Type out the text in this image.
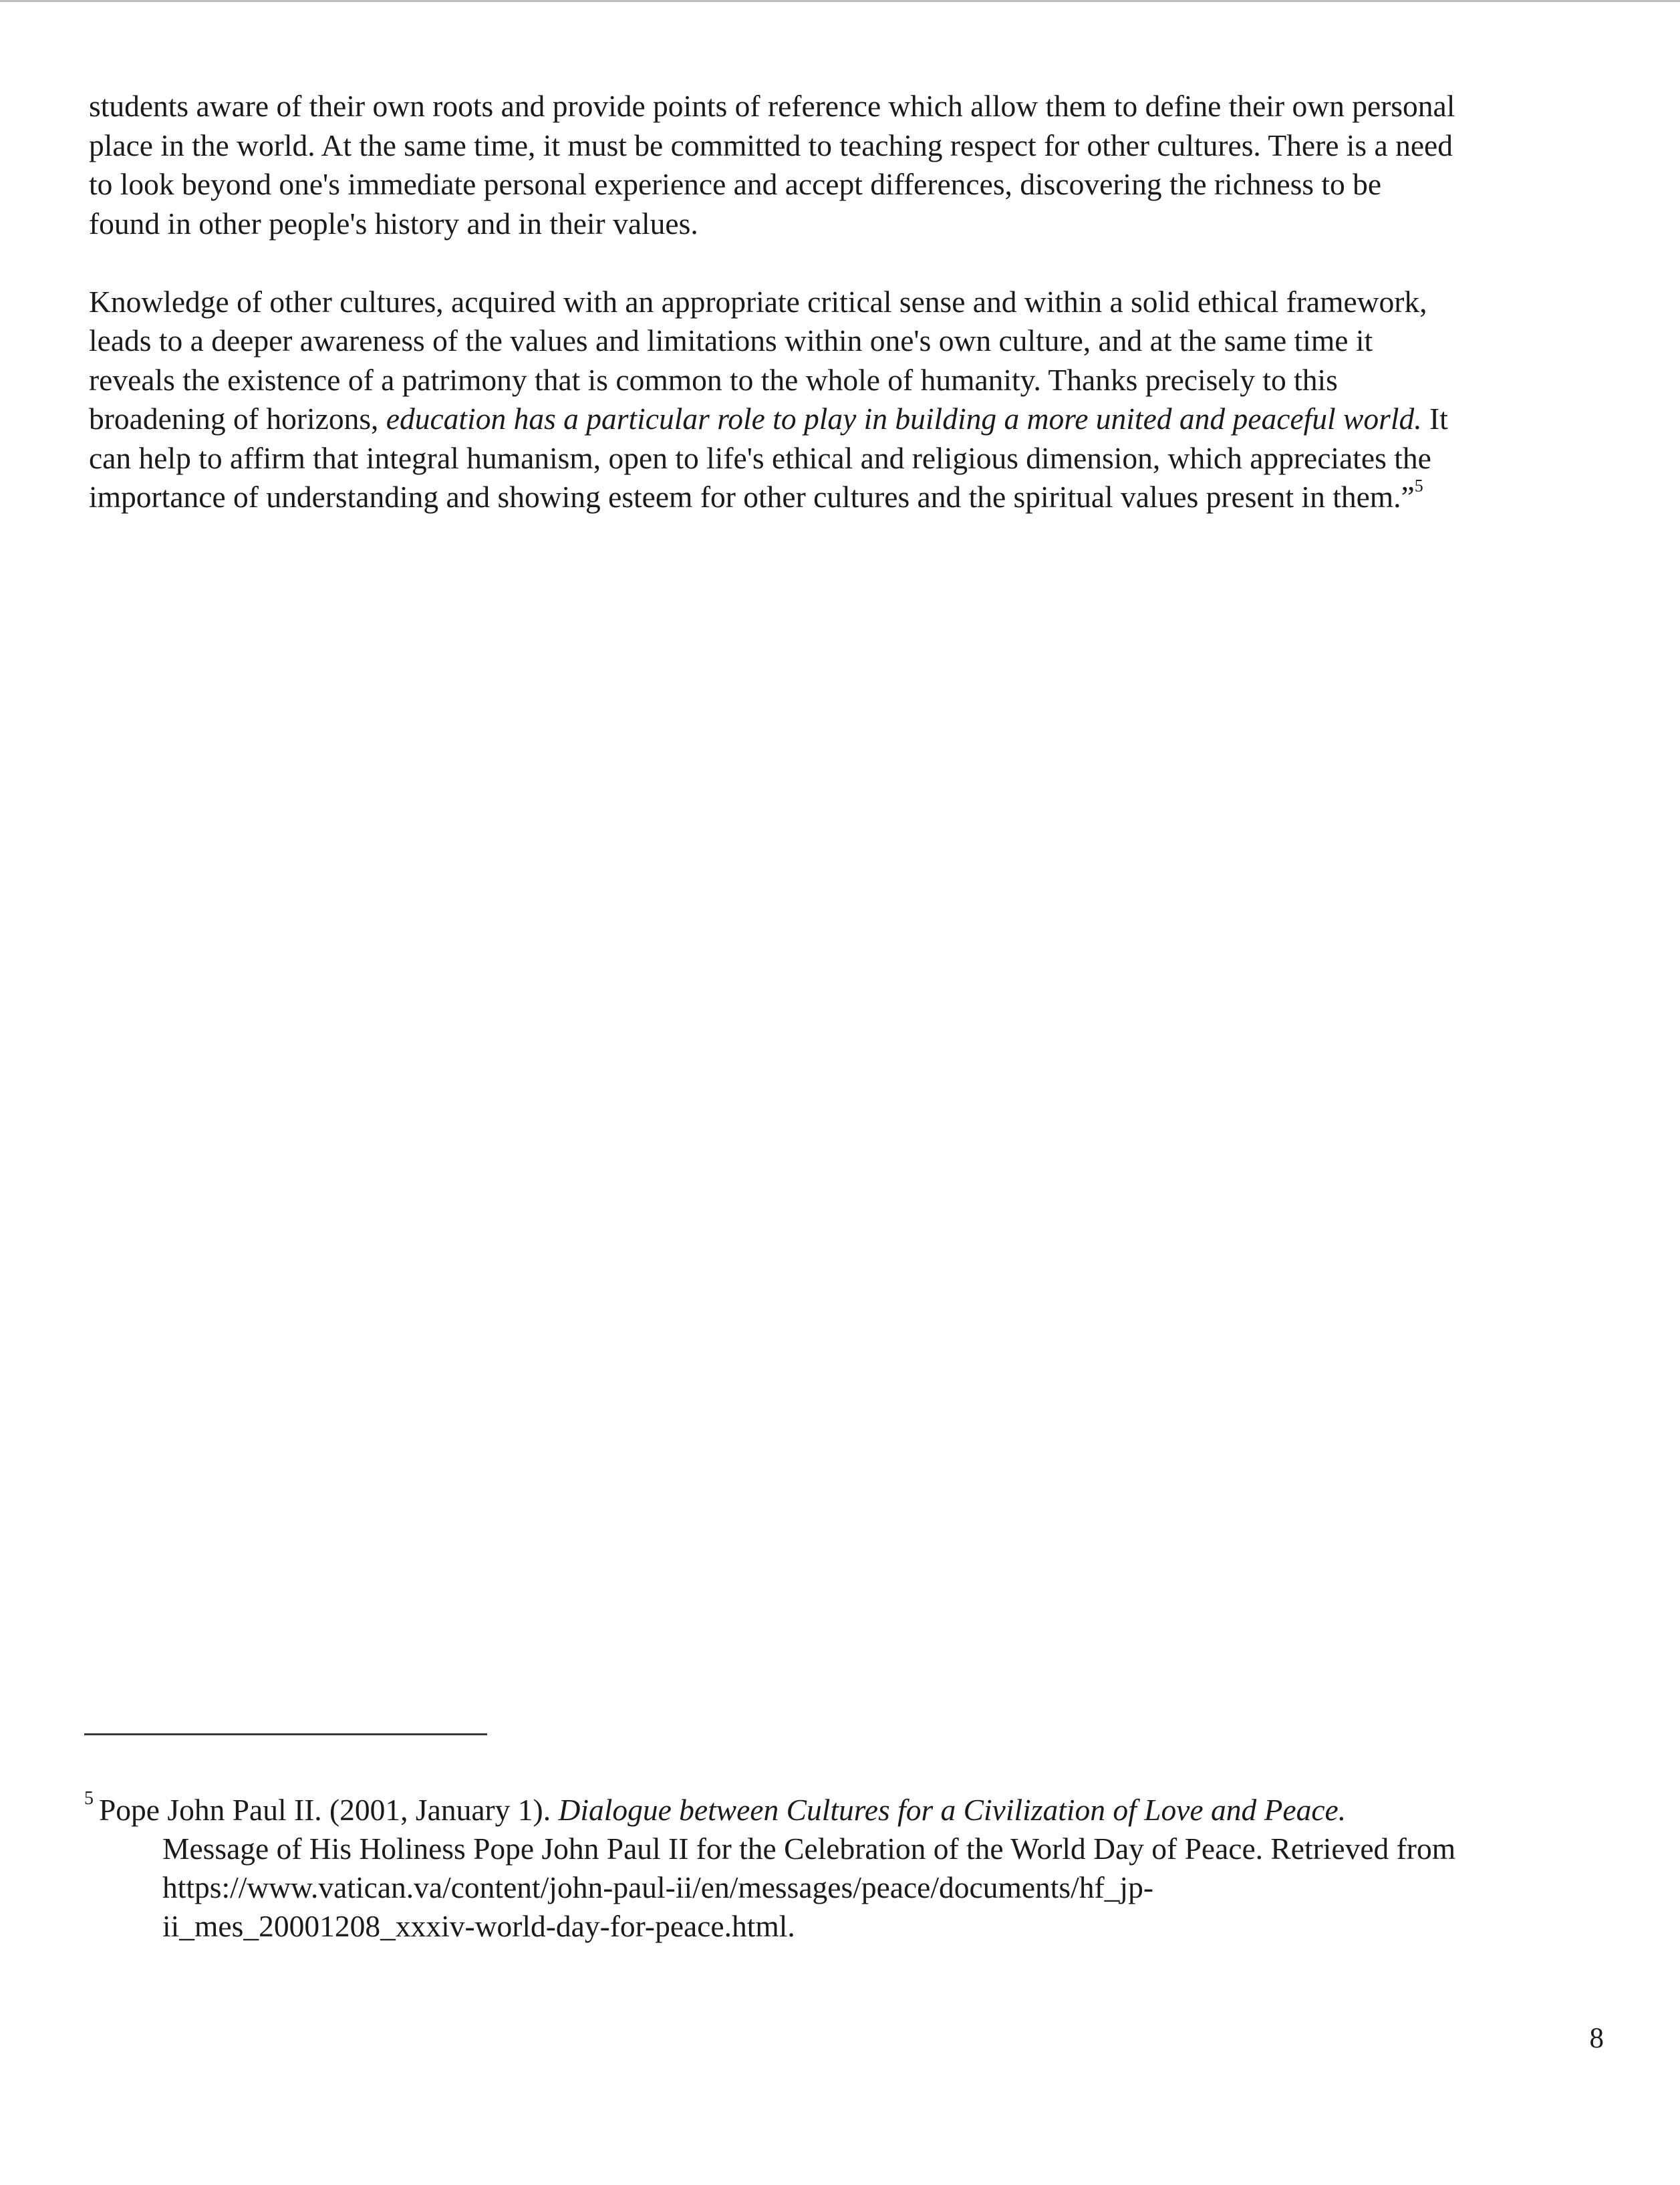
students aware of their own roots and provide points of reference which allow them to define their own personal
place in the world. At the same time, it must be committed to teaching respect for other cultures. There is a need
to look beyond one's immediate personal experience and accept differences, discovering the richness to be
found in other people's history and in their values.
Knowledge of other cultures, acquired with an appropriate critical sense and within a solid ethical framework,
leads to a deeper awareness of the values and limitations within one's own culture, and at the same time it
reveals the existence of a patrimony that is common to the whole of humanity. Thanks precisely to this
broadening of horizons, education has a particular role to play in building a more united and peaceful world. It
can help to affirm that integral humanism, open to life's ethical and religious dimension, which appreciates the
importance of understanding and showing esteem for other cultures and the spiritual values present in them.”$^5$
$^5$ Pope John Paul II. (2001, January 1). Dialogue between Cultures for a Civilization of Love and Peace.
Message of His Holiness Pope John Paul II for the Celebration of the World Day of Peace. Retrieved from
https://www.vatican.va/content/john-paul-ii/en/messages/peace/documents/hf_jp-
ii_mes_20001208_xxxiv-world-day-for-peace.html.
8
